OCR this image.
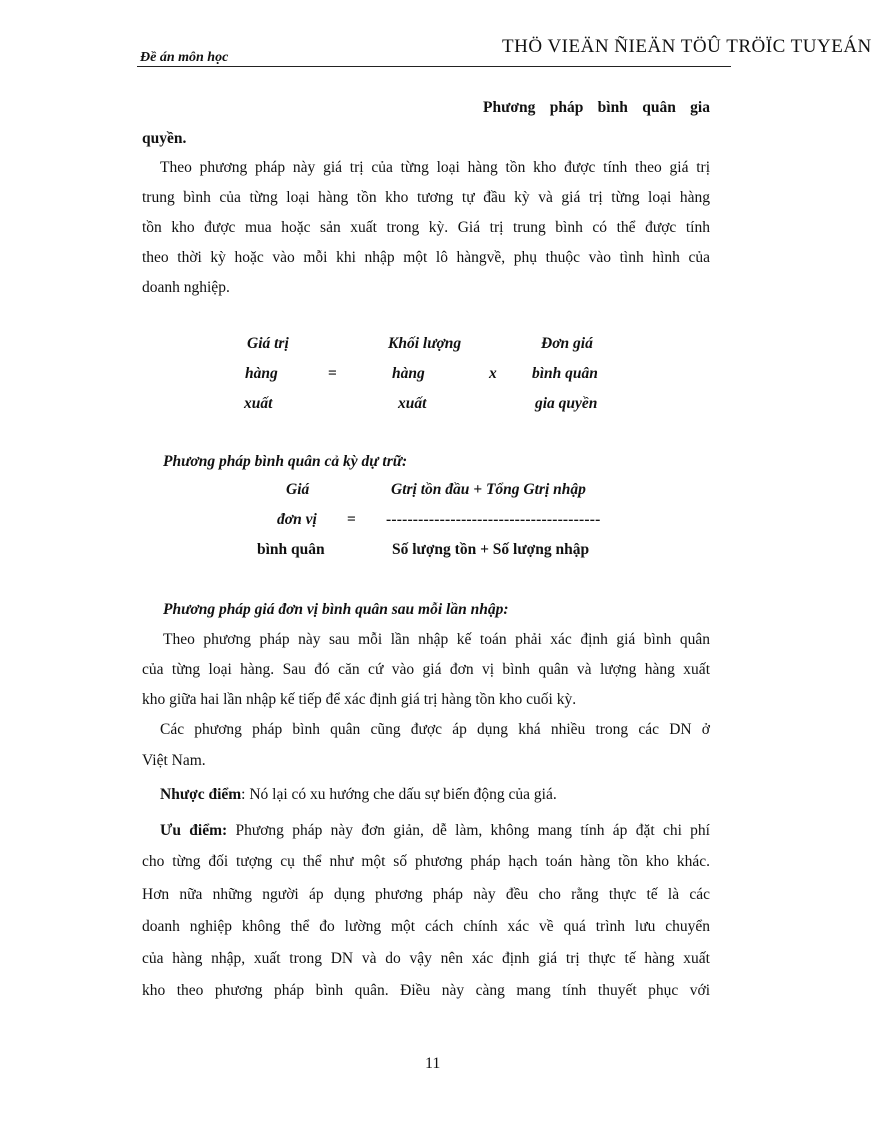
Đề án môn học
THÖ VIEÄN ÑIEÄN TÖÛ TRÖÏC TUYEÁN
Phương pháp bình quân gia
quyền.
Theo phương pháp này giá trị của từng loại hàng tồn kho được tính theo giá trị
trung bình của từng loại hàng tồn kho tương tự đầu kỳ và giá trị từng loại hàng
tồn kho được mua hoặc sản xuất trong kỳ. Giá trị trung bình có thể được tính
theo thời kỳ hoặc vào mỗi khi nhập một lô hàngvề, phụ thuộc vào tình hình của
doanh nghiệp.
Giá trị
hàng
xuất
=
Khối lượng
hàng
xuất
x
Đơn giá
bình quân
gia quyền
Phương pháp bình quân cả kỳ dự trữ:
Giá
đơn vị
bình quân
=
Gtrị tồn đầu + Tổng Gtrị nhập
----------------------------------------
Số lượng tồn + Số lượng nhập
Phương pháp giá đơn vị bình quân sau mỗi lần nhập:
Theo phương pháp này sau mỗi lần nhập kế toán phải xác định giá bình quân
của từng loại hàng. Sau đó căn cứ vào giá đơn vị bình quân và lượng hàng xuất
kho giữa hai lần nhập kế tiếp để xác định giá trị hàng tồn kho cuối kỳ.
Các phương pháp bình quân cũng được áp dụng khá nhiều trong các DN ở
Việt Nam.
Nhược điểm: Nó lại có xu hướng che dấu sự biến động của giá.
Ưu điểm: Phương pháp này đơn giản, dễ làm, không mang tính áp đặt chi phí
cho từng đối tượng cụ thể như một số phương pháp hạch toán hàng tồn kho khác.
Hơn nữa những người áp dụng phương pháp này đều cho rằng thực tế là các
doanh nghiệp không thể đo lường một cách chính xác về quá trình lưu chuyển
của hàng nhập, xuất trong DN và do vậy nên xác định giá trị thực tế hàng xuất
kho theo phương pháp bình quân. Điều này càng mang tính thuyết phục với
11
